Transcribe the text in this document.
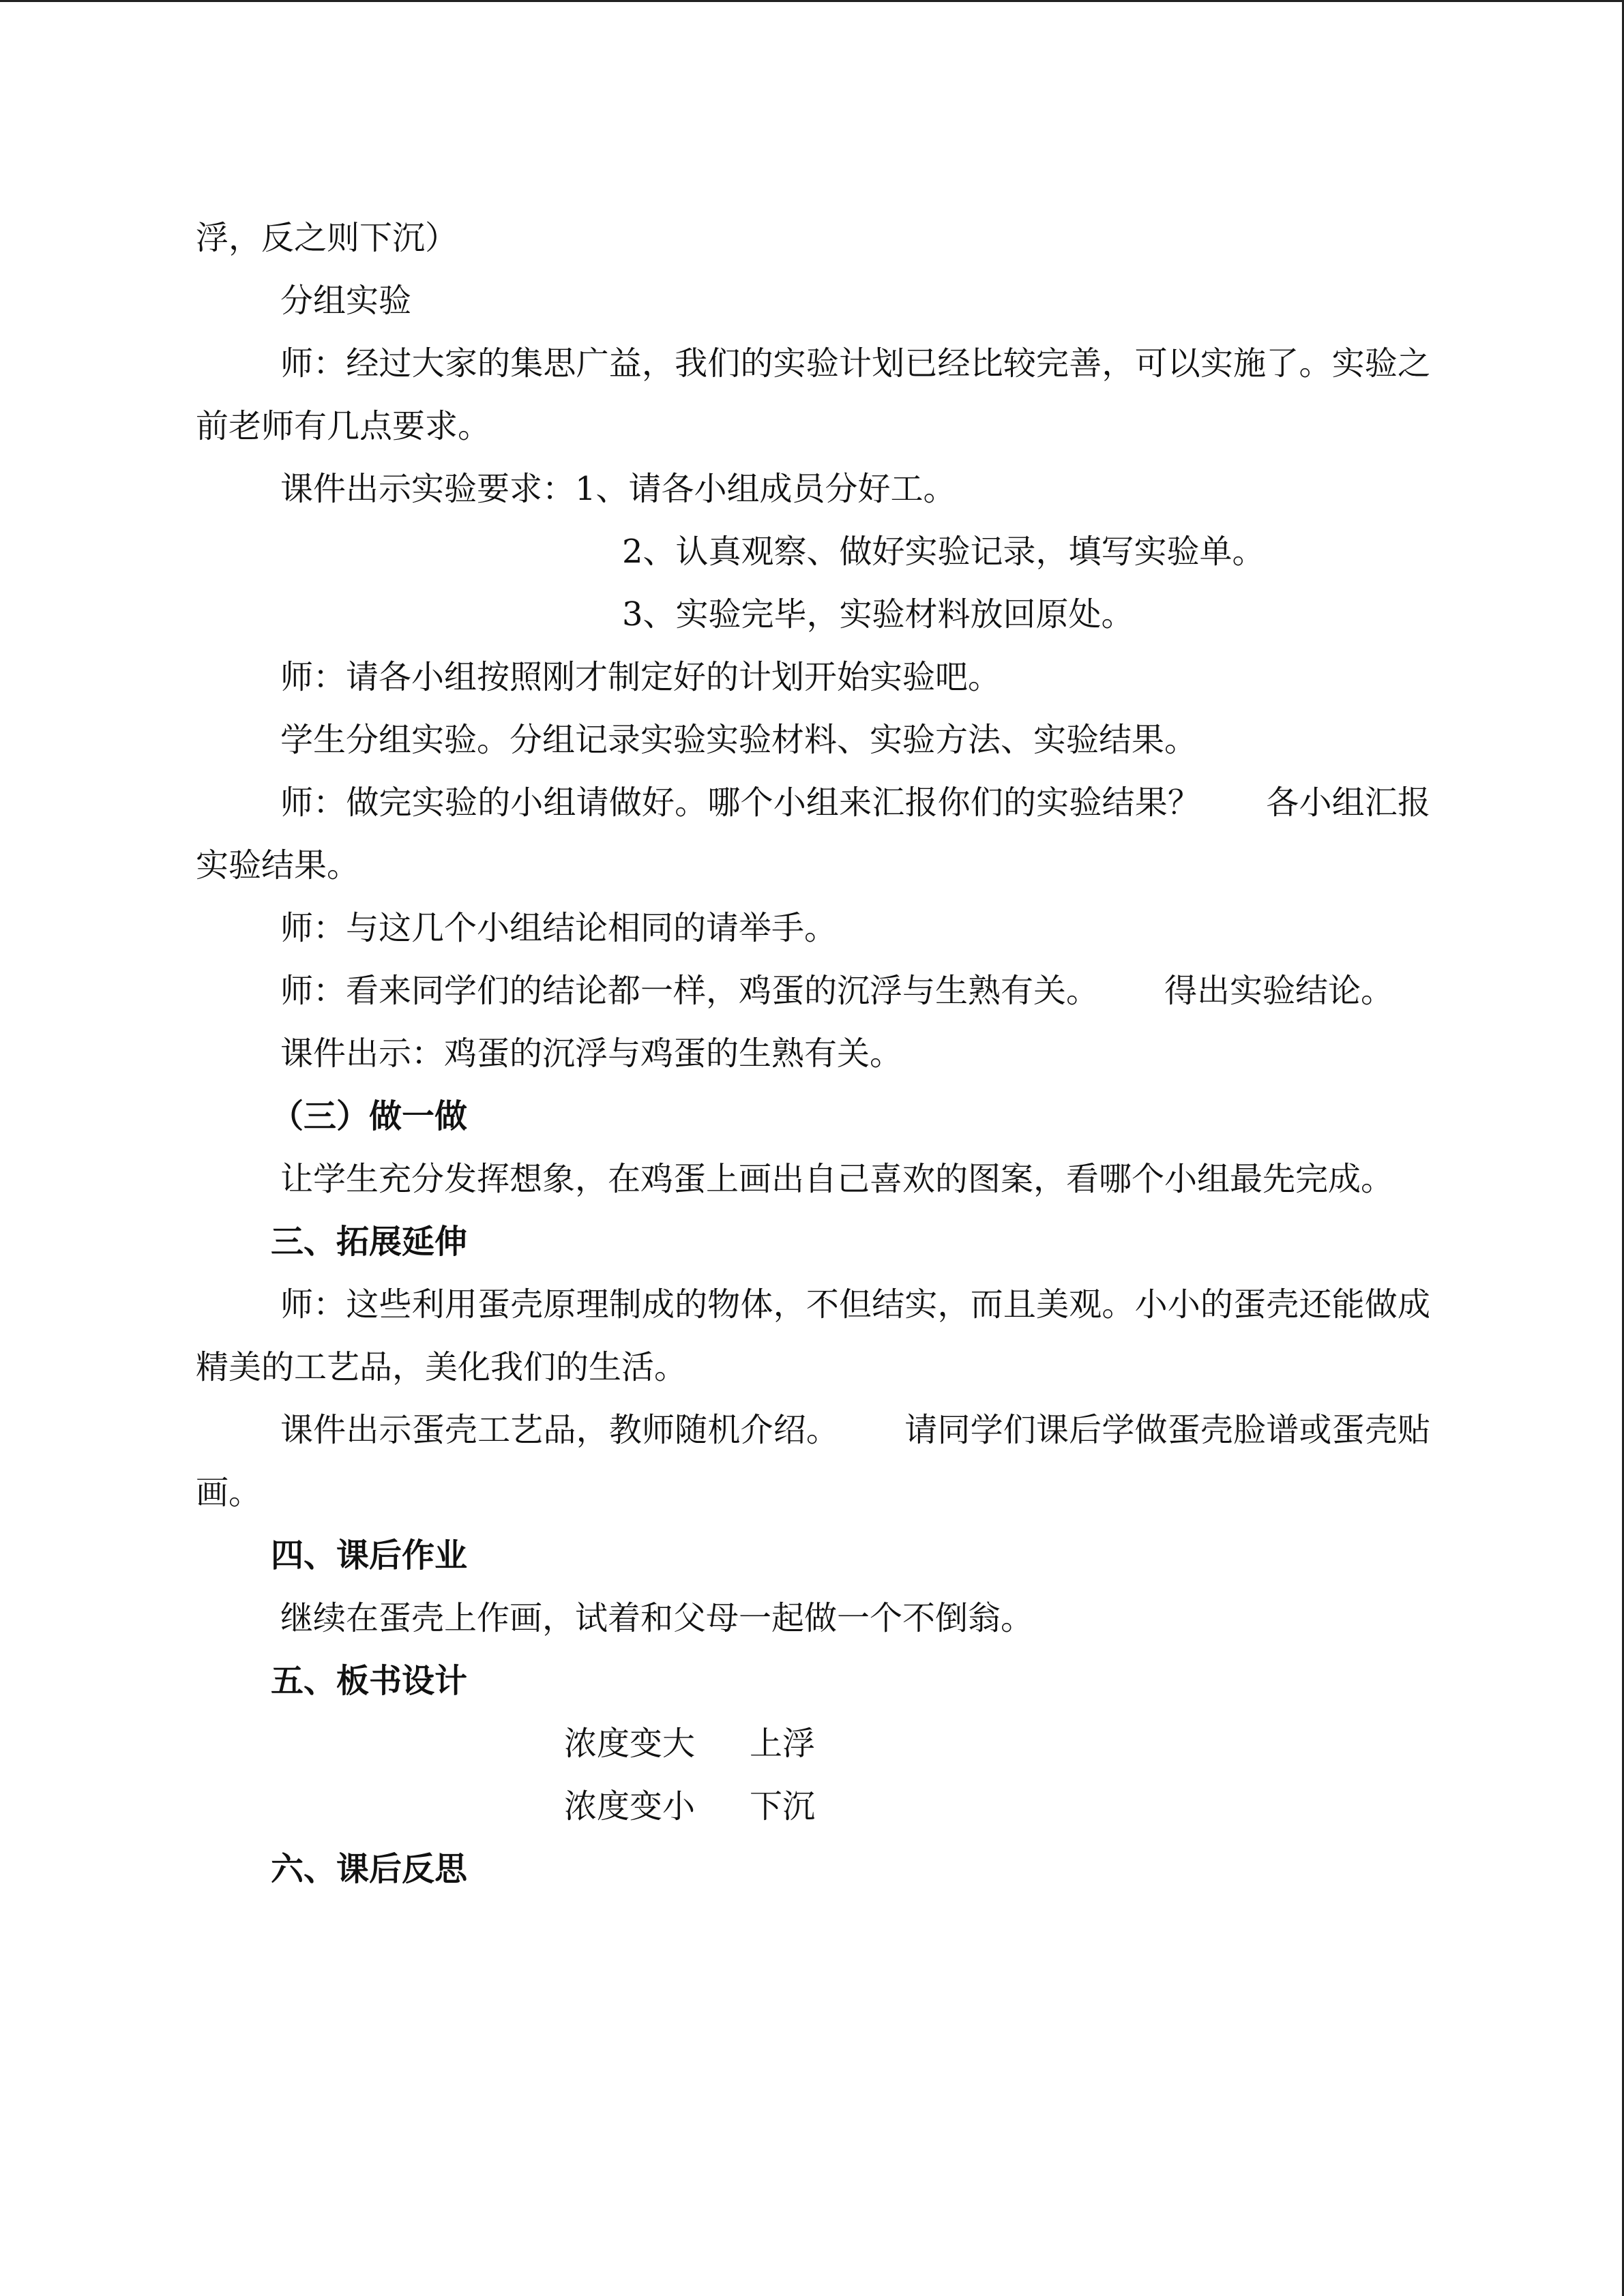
浮，反之则下沉）

分组实验

师：经过大家的集思广益，我们的实验计划已经比较完善，可以实施了。实验之前老师有几点要求。

课件出示实验要求：1、请各小组成员分好工。

2、认真观察、做好实验记录，填写实验单。

3、实验完毕，实验材料放回原处。

师：请各小组按照刚才制定好的计划开始实验吧。

学生分组实验。分组记录实验实验材料、实验方法、实验结果。

师：做完实验的小组请做好。哪个小组来汇报你们的实验结果？ 各小组汇报实验结果。

师：与这几个小组结论相同的请举手。

师：看来同学们的结论都一样，鸡蛋的沉浮与生熟有关。 得出实验结论。

课件出示：鸡蛋的沉浮与鸡蛋的生熟有关。

（三）做一做

让学生充分发挥想象，在鸡蛋上画出自己喜欢的图案，看哪个小组最先完成。

三、拓展延伸

师：这些利用蛋壳原理制成的物体，不但结实，而且美观。小小的蛋壳还能做成精美的工艺品，美化我们的生活。

课件出示蛋壳工艺品，教师随机介绍。 请同学们课后学做蛋壳脸谱或蛋壳贴画。

四、课后作业

继续在蛋壳上作画，试着和父母一起做一个不倒翁。

五、板书设计

浓度变大 上浮

浓度变小 下沉

六、课后反思
